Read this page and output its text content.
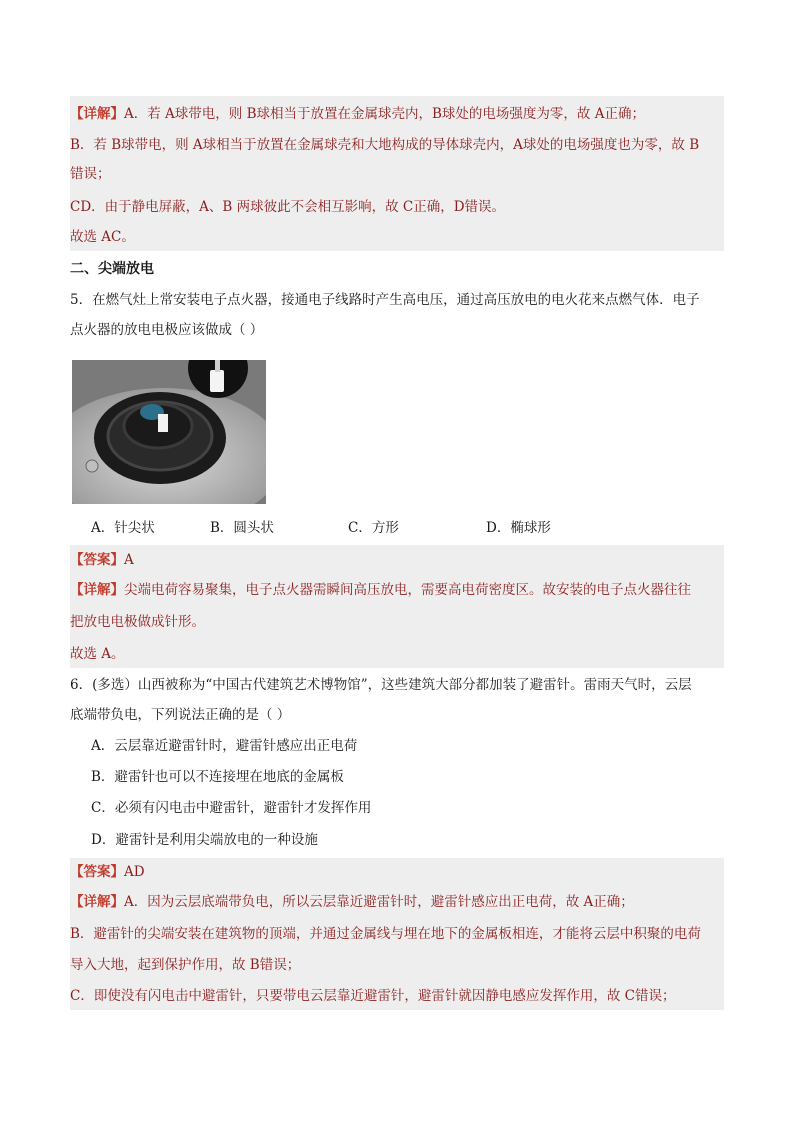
【详解】A．若 A球带电，则 B球相当于放置在金属球壳内，B球处的电场强度为零，故 A正确；
B．若 B球带电，则 A球相当于放置在金属球壳和大地构成的导体球壳内，A球处的电场强度也为零，故 B
错误；
CD．由于静电屏蔽，A、B 两球彼此不会相互影响，故 C正确，D错误。
故选 AC。
二、尖端放电
5．在燃气灶上常安装电子点火器，接通电子线路时产生高电压，通过高压放电的电火花来点燃气体．电子
点火器的放电电极应该做成（ ）
A．针尖状	B．圆头状	C．方形	D．椭球形
【答案】A
【详解】尖端电荷容易聚集，电子点火器需瞬间高压放电，需要高电荷密度区。故安装的电子点火器往往
把放电电极做成针形。
故选 A。
6．(多选）山西被称为“中国古代建筑艺术博物馆”，这些建筑大部分都加装了避雷针。雷雨天气时，云层
底端带负电，下列说法正确的是（ ）
A．云层靠近避雷针时，避雷针感应出正电荷
B．避雷针也可以不连接埋在地底的金属板
C．必须有闪电击中避雷针，避雷针才发挥作用
D．避雷针是利用尖端放电的一种设施
【答案】AD
【详解】A．因为云层底端带负电，所以云层靠近避雷针时，避雷针感应出正电荷，故 A正确；
B．避雷针的尖端安装在建筑物的顶端，并通过金属线与埋在地下的金属板相连，才能将云层中积聚的电荷
导入大地，起到保护作用，故 B错误；
C．即使没有闪电击中避雷针，只要带电云层靠近避雷针，避雷针就因静电感应发挥作用，故 C错误；
